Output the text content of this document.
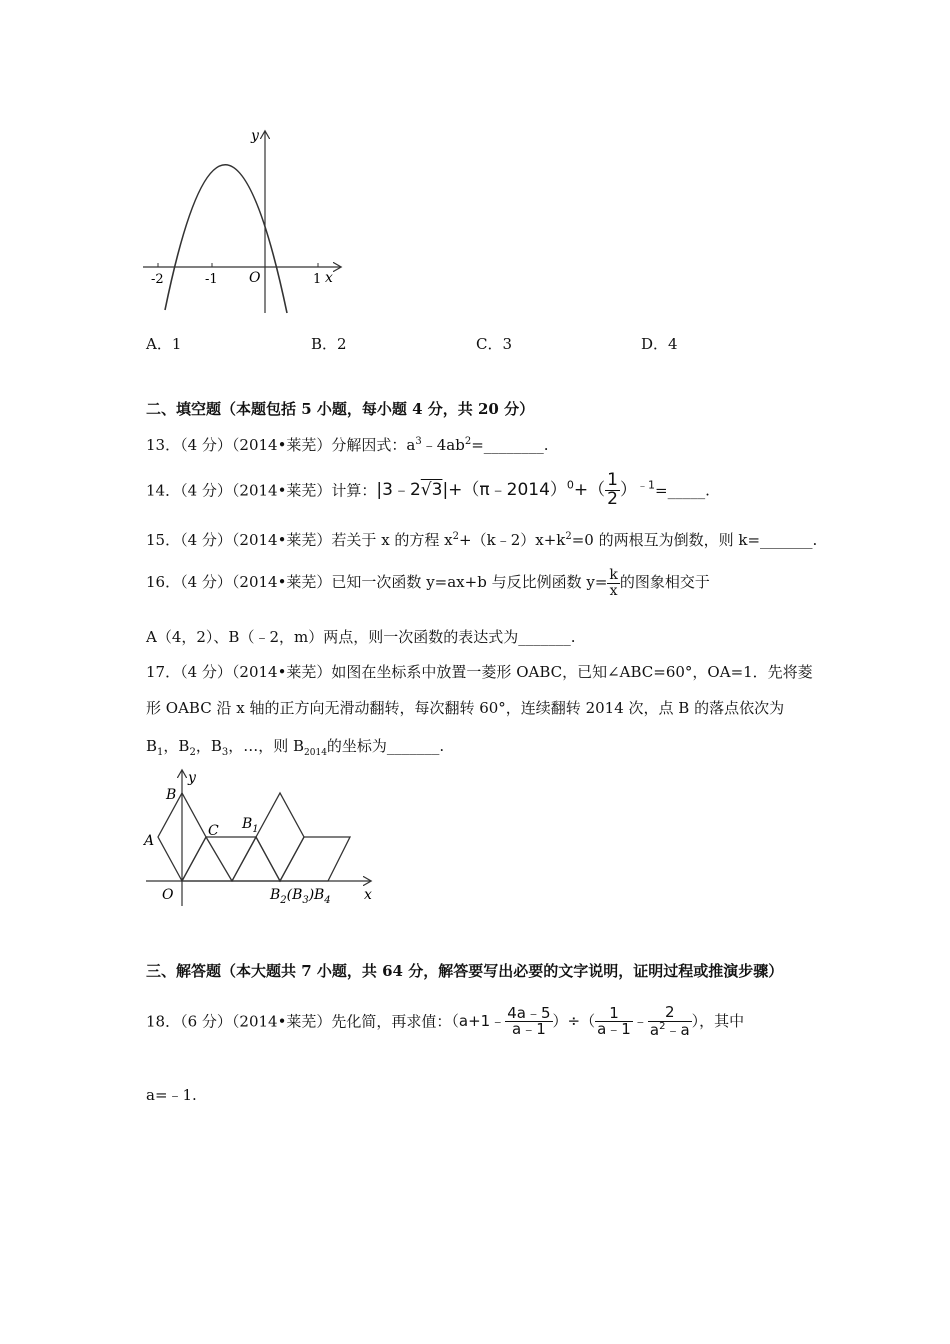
y
x
O
-2	-1	1
A．1	B．2	C．3	D．4
二、填空题（本题包括 5 小题，每小题 4 分，共 20 分）
13．（4 分）（2014•莱芜）分解因式：$a^3﹣4ab^2=\_\_\_\_\_\_\_\_$.
14．（4 分）（2014•莱芜）计算：|3﹣2√3|+（π﹣2014）$^0$+（ $\frac{1}{2}$ ）$^{﹣1}$=_____.
15．（4 分）（2014•莱芜）若关于 x 的方程 $x^2+(k﹣2)x+k^2=0$ 的两根互为倒数，则 k=_______.
16．（4 分）（2014•莱芜）已知一次函数 y=ax+b 与反比例函数 $y= \frac{k}{x}$ 的图象相交于
A（4，2）、B（﹣2，m）两点，则一次函数的表达式为_______.
17．（4 分）（2014•莱芜）如图在坐标系中放置一菱形 OABC，已知∠ABC=60°，OA=1．先将菱
形 OABC 沿 x 轴的正方向无滑动翻转，每次翻转 60°，连续翻转 2014 次，点 B 的落点依次为
$B_1$，$B_2$，$B_3$，…，则 $B_{2014}$的坐标为_______.
B
y
C $B_1$
A
O	$B_2(B_3)$ $B_4$ x
三、解答题（本大题共 7 小题，共 64 分，解答要写出必要的文字说明，证明过程或推演步骤）
18．（6 分）（2014•莱芜）先化简，再求值：（a+1﹣ $\frac{4a﹣5}{a﹣1}$ ）÷（ $\frac{1}{a﹣1}$ ﹣ $\frac{2}{a^2﹣a}$ ），其中
a=﹣1.
